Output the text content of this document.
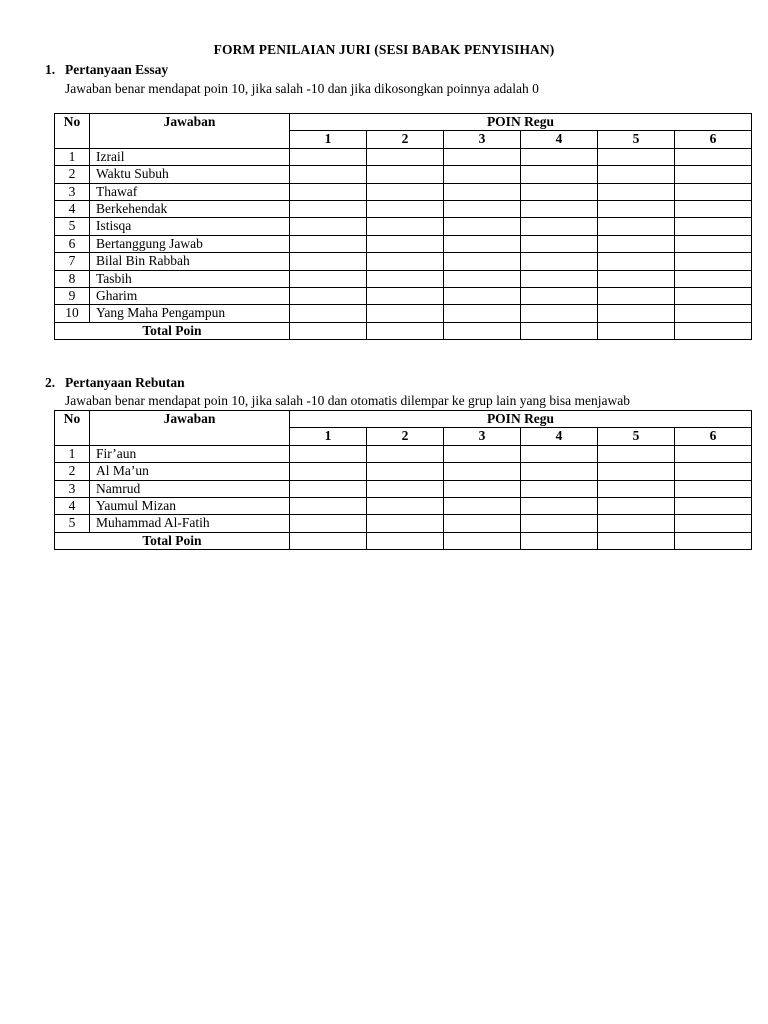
FORM PENILAIAN JURI (SESI BABAK PENYISIHAN)
1. Pertanyaan Essay
Jawaban benar mendapat poin 10, jika salah -10 dan jika dikosongkan poinnya adalah 0
No	Jawaban	POIN Regu					
		1	2	3	4	5	6
1	Izrail						
2	Waktu Subuh						
3	Thawaf						
4	Berkehendak						
5	Istisqa						
6	Bertanggung Jawab						
7	Bilal Bin Rabbah						
8	Tasbih						
9	Gharim						
10	Yang Maha Pengampun						
Total Poin							
2. Pertanyaan Rebutan
Jawaban benar mendapat poin 10, jika salah -10 dan otomatis dilempar ke grup lain yang bisa menjawab
No	Jawaban	POIN Regu					
		1	2	3	4	5	6
1	Fir’aun						
2	Al Ma’un						
3	Namrud						
4	Yaumul Mizan						
5	Muhammad Al-Fatih						
Total Poin							
